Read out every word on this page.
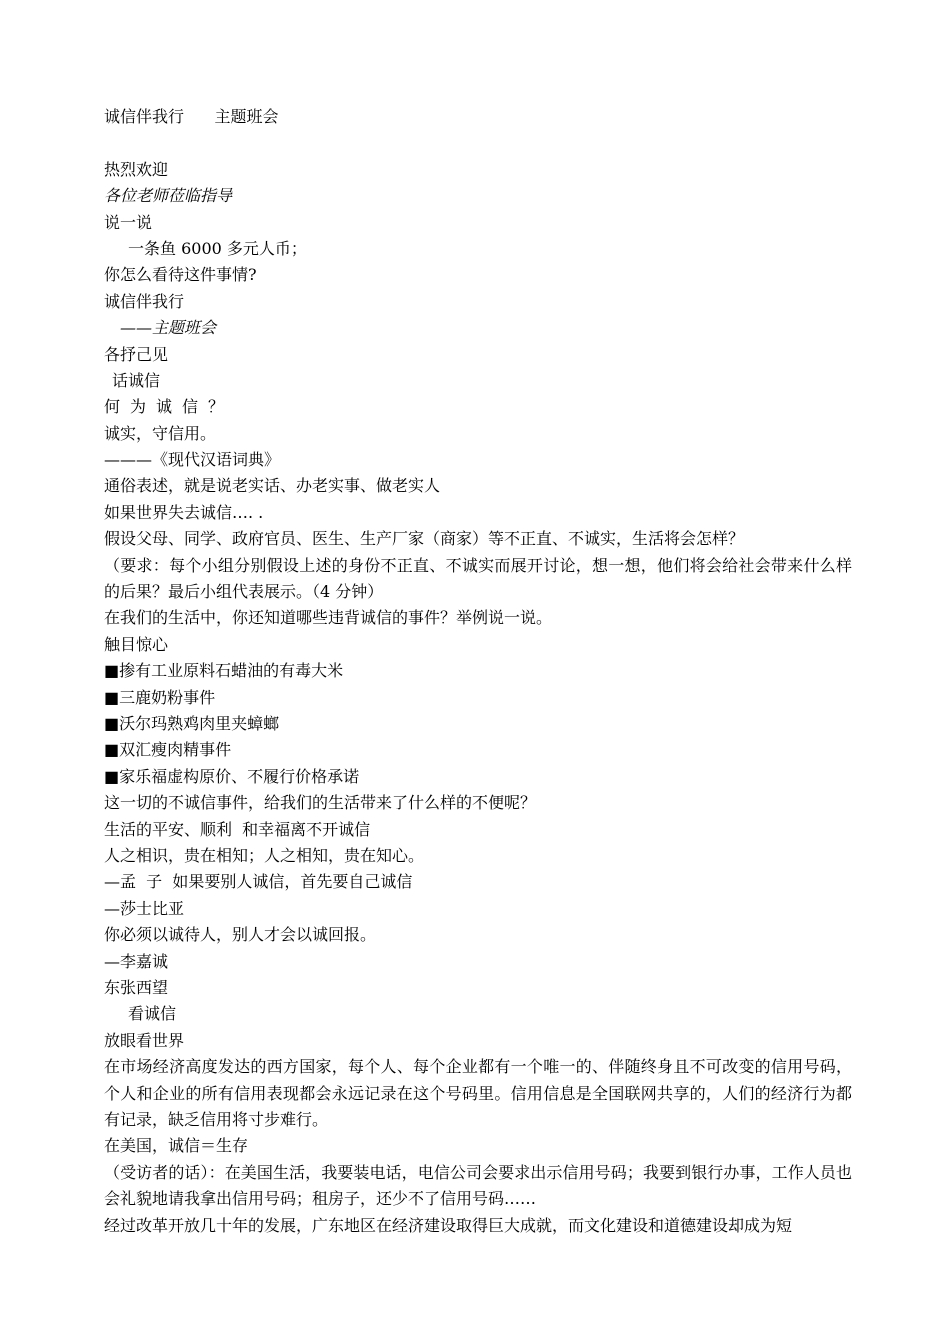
诚信伴我行      主题班会
热烈欢迎
各位老师莅临指导
说一说
一条鱼 6000 多元人币；
你怎么看待这件事情?
诚信伴我行
——主题班会
各抒己见
话诚信
何为诚信？
诚实，守信用。
———《现代汉语词典》
通俗表述，就是说老实话、办老实事、做老实人
如果世界失去诚信…. .
假设父母、同学、政府官员、医生、生产厂家（商家）等不正直、不诚实，生活将会怎样？
（要求：每个小组分别假设上述的身份不正直、不诚实而展开讨论，想一想，他们将会给社会带来什么样的后果？最后小组代表展示。（4 分钟）
在我们的生活中，你还知道哪些违背诚信的事件？举例说一说。
触目惊心
■掺有工业原料石蜡油的有毒大米
■三鹿奶粉事件
■沃尔玛熟鸡肉里夹蟑螂
■双汇瘦肉精事件
■家乐福虚构原价、不履行价格承诺
这一切的不诚信事件，给我们的生活带来了什么样的不便呢？
生活的平安、顺利  和幸福离不开诚信
人之相识，贵在相知；人之相知，贵在知心。
—孟  子  如果要别人诚信，首先要自己诚信
—莎士比亚
你必须以诚待人，别人才会以诚回报。
—李嘉诚
东张西望
看诚信
放眼看世界
在市场经济高度发达的西方国家，每个人、每个企业都有一个唯一的、伴随终身且不可改变的信用号码，个人和企业的所有信用表现都会永远记录在这个号码里。信用信息是全国联网共享的，人们的经济行为都有记录，缺乏信用将寸步难行。
在美国，诚信＝生存
（受访者的话）：在美国生活，我要装电话，电信公司会要求出示信用号码；我要到银行办事，工作人员也会礼貌地请我拿出信用号码；租房子，还少不了信用号码……
经过改革开放几十年的发展，广东地区在经济建设取得巨大成就，而文化建设和道德建设却成为短
